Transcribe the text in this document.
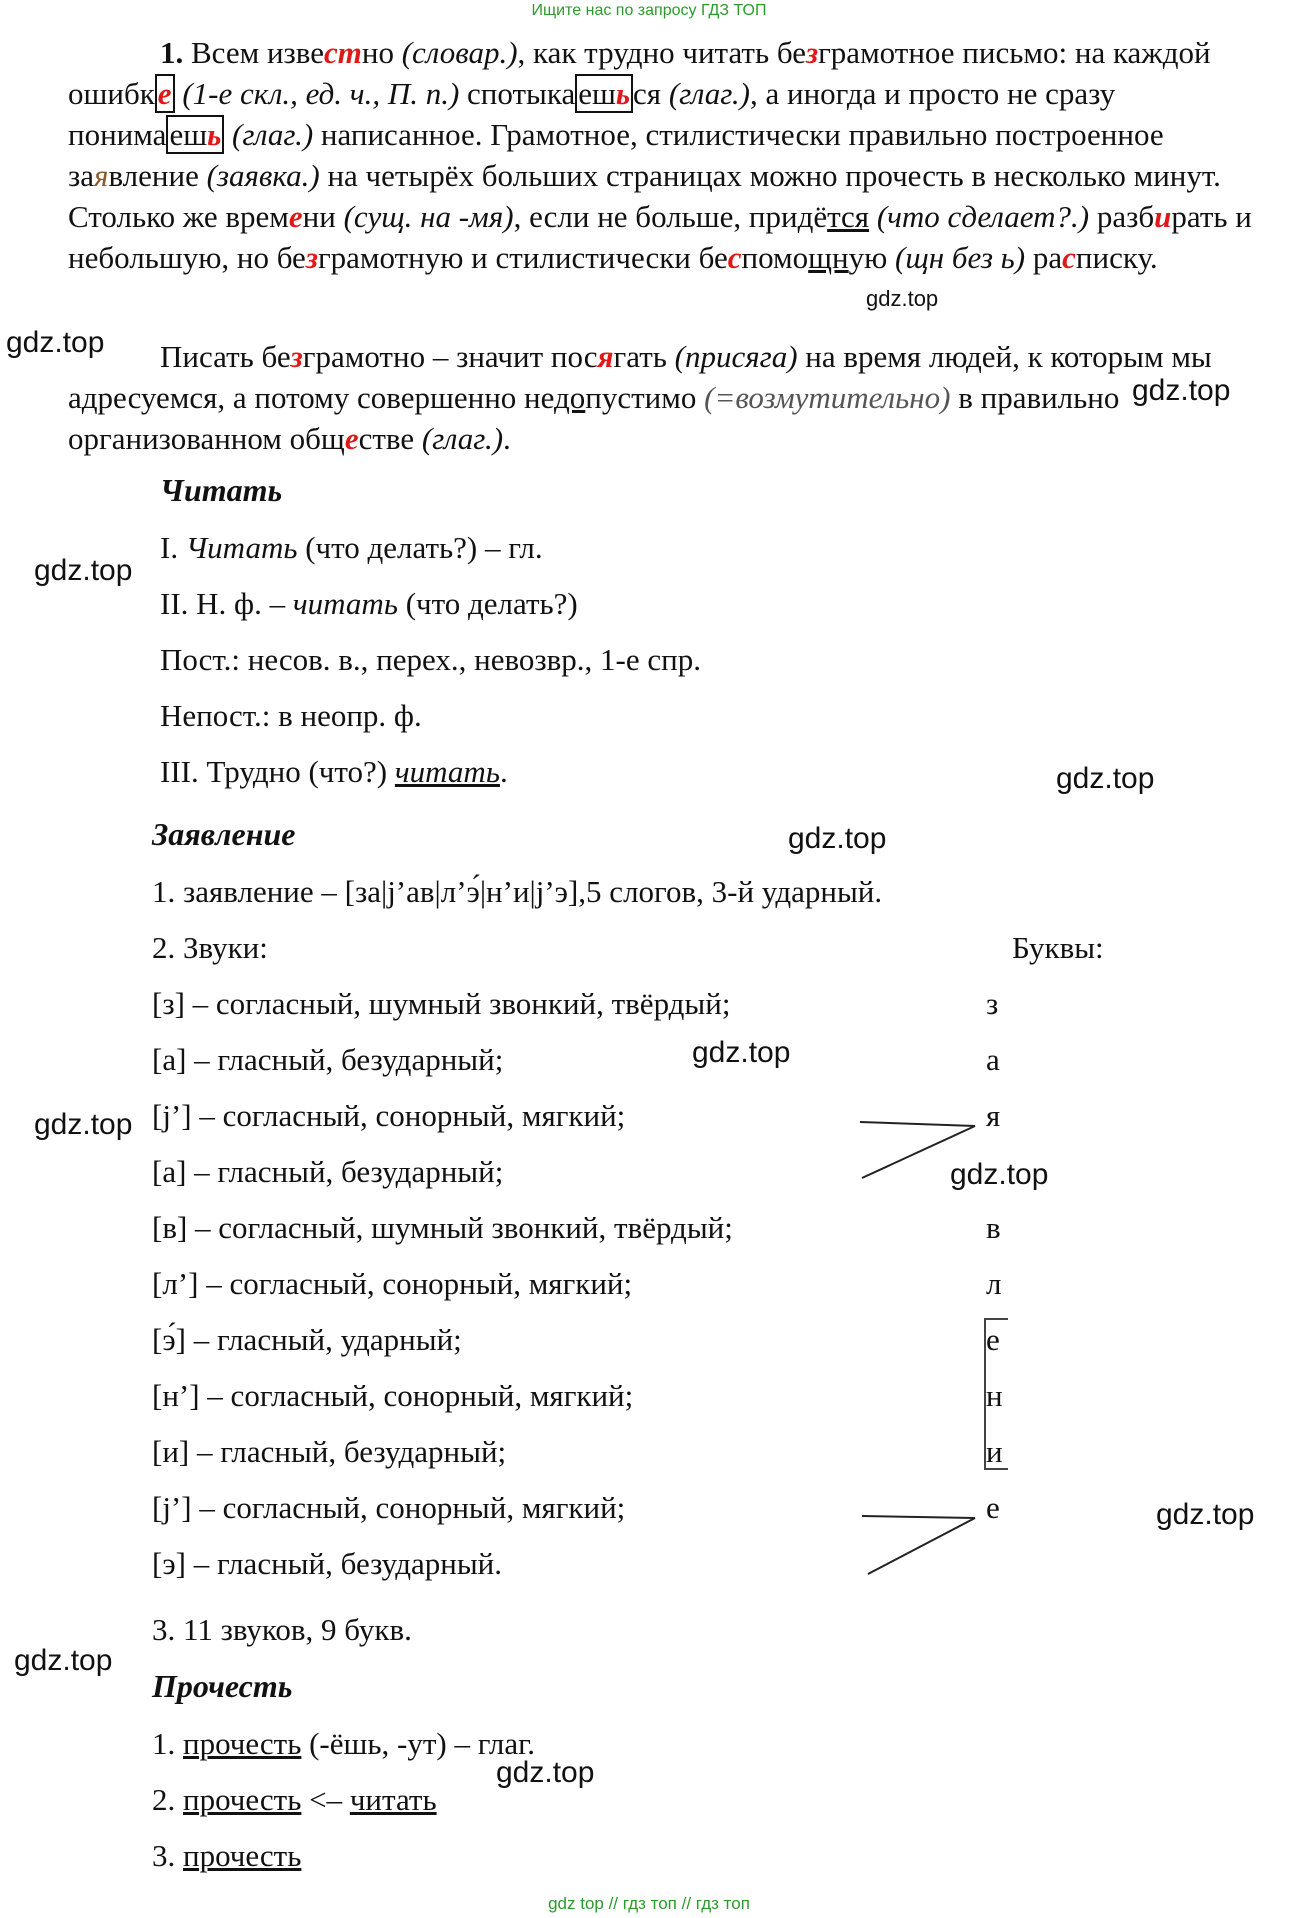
Ищите нас по запросу ГДЗ ТОП
1. Всем известно (словар.), как трудно читать безграмотное письмо: на каждой ошибке (1-е скл., ед. ч., П. п.) спотыкаешься (глаг.), а иногда и просто не сразу понимаешь (глаг.) написанное. Грамотное, стилистически правильно построенное заявление (заявка.) на четырёх больших страницах можно прочесть в несколько минут. Столько же времени (сущ. на -мя), если не больше, придётся (что сделает?.) разбирать и небольшую, но безграмотную и стилистически беспомощную (щн без ь) расписку.
Писать безграмотно – значит посягать (присяга) на время людей, к которым мы адресуемся, а потому совершенно недопустимо (=возмутительно) в правильно организованном обществе (глаг.).
Читать
I. Читать (что делать?) – гл.
II. Н. ф. – читать (что делать?)
Пост.: несов. в., перех., невозвр., 1-е спр.
Непост.: в неопр. ф.
III. Трудно (что?) читать.
Заявление
1. заявление – [за|j’ав|л’э́|н’и|j’э],5 слогов, 3-й ударный.
2. Звуки:	Буквы:
[з] – согласный, шумный звонкий, твёрдый;	з
[а] – гласный, безударный;	а
[j’] – согласный, сонорный, мягкий;	я
[а] – гласный, безударный;
[в] – согласный, шумный звонкий, твёрдый;	в
[л’] – согласный, сонорный, мягкий;	л
[э́] – гласный, ударный;	е
[н’] – согласный, сонорный, мягкий;	н
[и] – гласный, безударный;	и
[j’] – согласный, сонорный, мягкий;	е
[э] – гласный, безударный.
3. 11 звуков, 9 букв.
Прочесть
1. прочесть (-ёшь, -ут) – глаг.
2. прочесть <– читать
3. прочесть
gdz.top
gdz.top
gdz.top
gdz.top
gdz.top
gdz.top
gdz.top
gdz.top
gdz.top
gdz.top
gdz.top
gdz.top
gdz top // гдз топ // гдз топ
